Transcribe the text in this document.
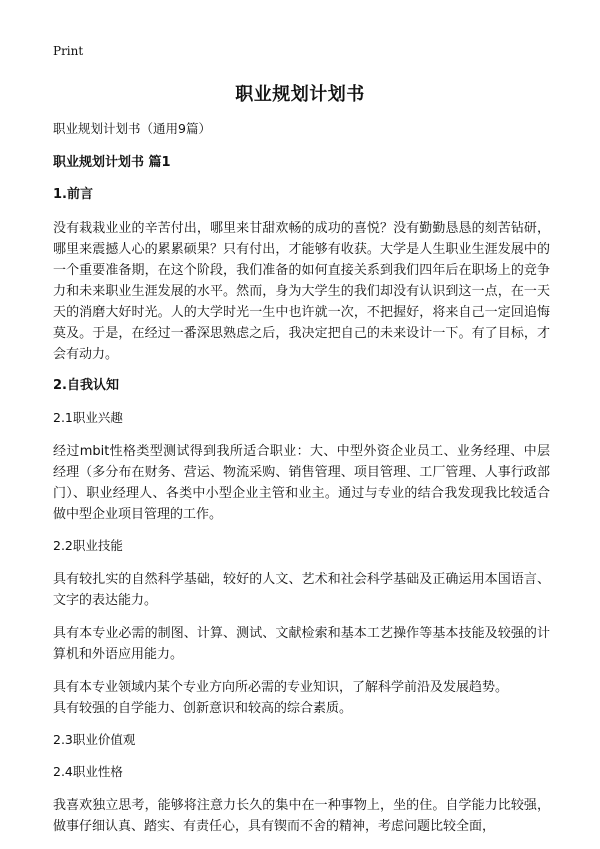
Print
职业规划计划书
职业规划计划书（通用9篇）
职业规划计划书 篇1
1.前言

没有栽栽业业的辛苦付出，哪里来甘甜欢畅的成功的喜悦？没有勤勤恳恳的刻苦钻研，哪里来震撼人心的累累硕果？只有付出，才能够有收获。大学是人生职业生涯发展中的一个重要准备期，在这个阶段，我们准备的如何直接关系到我们四年后在职场上的竞争力和未来职业生涯发展的水平。然而，身为大学生的我们却没有认识到这一点，在一天天的消磨大好时光。人的大学时光一生中也许就一次，不把握好，将来自己一定回追悔莫及。于是，在经过一番深思熟虑之后，我决定把自己的未来设计一下。有了目标，才会有动力。

2.自我认知
2.1职业兴趣

经过mbit性格类型测试得到我所适合职业：大、中型外资企业员工、业务经理、中层经理（多分布在财务、营运、物流采购、销售管理、项目管理、工厂管理、人事行政部门）、职业经理人、各类中小型企业主管和业主。通过与专业的结合我发现我比较适合做中型企业项目管理的工作。

2.2职业技能

具有较扎实的自然科学基础，较好的人文、艺术和社会科学基础及正确运用本国语言、文字的表达能力。

具有本专业必需的制图、计算、测试、文献检索和基本工艺操作等基本技能及较强的计算机和外语应用能力。

具有本专业领域内某个专业方向所必需的专业知识，了解科学前沿及发展趋势。

具有较强的自学能力、创新意识和较高的综合素质。

2.3职业价值观
2.4职业性格

我喜欢独立思考，能够将注意力长久的集中在一种事物上，坐的住。自学能力比较强，做事仔细认真、踏实、有责任心，具有锲而不舍的精神，考虑问题比较全面，
